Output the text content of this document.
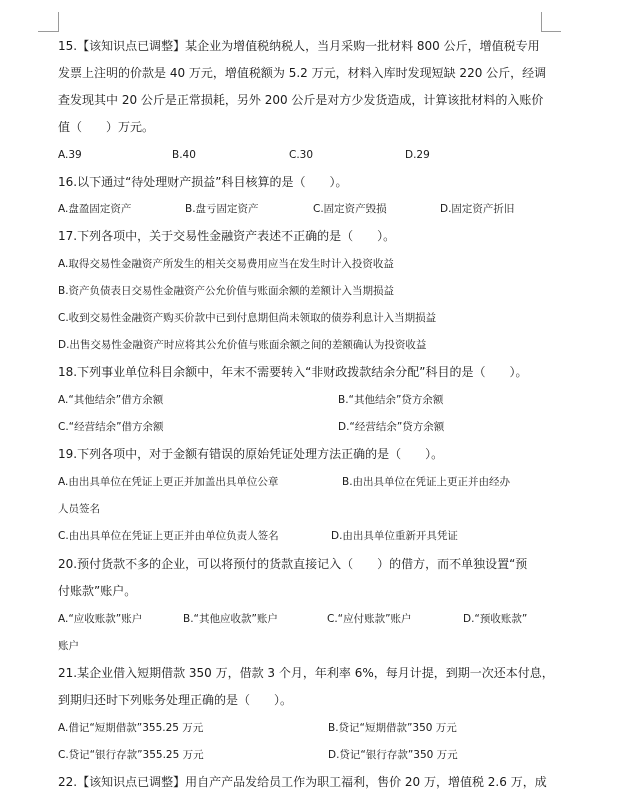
15.【该知识点已调整】某企业为增值税纳税人，当月采购一批材料 800 公斤，增值税专用
发票上注明的价款是 40 万元，增值税额为 5.2 万元，材料入库时发现短缺 220 公斤，经调
查发现其中 20 公斤是正常损耗，另外 200 公斤是对方少发货造成，计算该批材料的入账价
值（　　）万元。
A.39	B.40	C.30	D.29
16.以下通过“待处理财产损益”科目核算的是（　　）。
A.盘盈固定资产	B.盘亏固定资产	C.固定资产毁损	D.固定资产折旧
17.下列各项中，关于交易性金融资产表述不正确的是（　　）。
A.取得交易性金融资产所发生的相关交易费用应当在发生时计入投资收益
B.资产负债表日交易性金融资产公允价值与账面余额的差额计入当期损益
C.收到交易性金融资产购买价款中已到付息期但尚未领取的债券利息计入当期损益
D.出售交易性金融资产时应将其公允价值与账面余额之间的差额确认为投资收益
18.下列事业单位科目余额中，年末不需要转入“非财政拨款结余分配”科目的是（　　）。
A.“其他结余”借方余额	B.“其他结余”贷方余额
C.“经营结余”借方余额	D.“经营结余”贷方余额
19.下列各项中，对于金额有错误的原始凭证处理方法正确的是（　　）。
A.由出具单位在凭证上更正并加盖出具单位公章	B.由出具单位在凭证上更正并由经办
人员签名
C.由出具单位在凭证上更正并由单位负责人签名	D.由出具单位重新开具凭证
20.预付货款不多的企业，可以将预付的货款直接记入（　　）的借方，而不单独设置“预
付账款”账户。
A.“应收账款”账户	B.“其他应收款”账户	C.“应付账款”账户	D.“预收账款”
账户
21.某企业借入短期借款 350 万，借款 3 个月，年利率 6%，每月计提，到期一次还本付息，
到期归还时下列账务处理正确的是（　　）。
A.借记“短期借款”355.25 万元	B.贷记“短期借款”350 万元
C.贷记“银行存款”355.25 万元	D.贷记“银行存款”350 万元
22.【该知识点已调整】用自产产品发给员工作为职工福利，售价 20 万，增值税 2.6 万，成
